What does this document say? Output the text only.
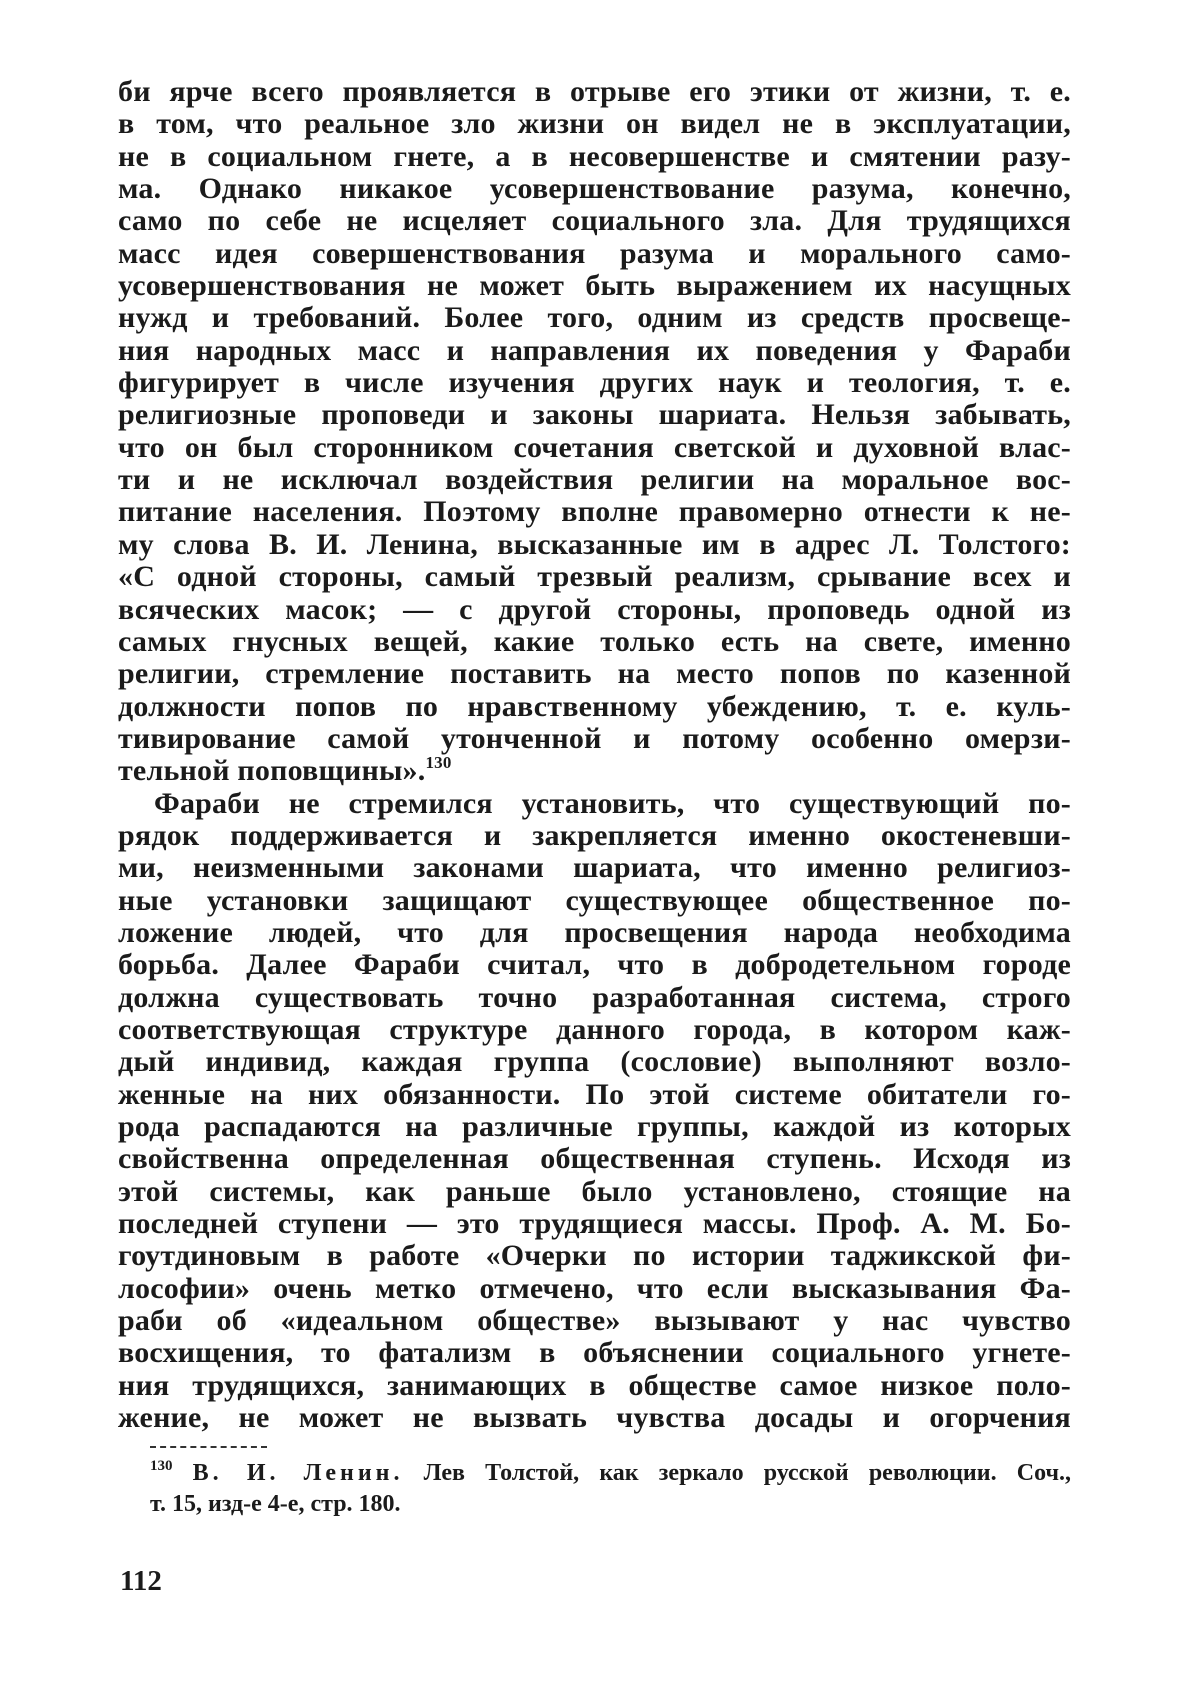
би ярче всего проявляется в отрыве его этики от жизни, т. е.
в том, что реальное зло жизни он видел не в эксплуатации,
не в социальном гнете, а в несовершенстве и смятении разу-
ма. Однако никакое усовершенствование разума, конечно,
само по себе не исцеляет социального зла. Для трудящихся
масс идея совершенствования разума и морального само-
усовершенствования не может быть выражением их насущных
нужд и требований. Более того, одним из средств просвеще-
ния народных масс и направления их поведения у Фараби
фигурирует в числе изучения других наук и теология, т. е.
религиозные проповеди и законы шариата. Нельзя забывать,
что он был сторонником сочетания светской и духовной влас-
ти и не исключал воздействия религии на моральное вос-
питание населения. Поэтому вполне правомерно отнести к не-
му слова В. И. Ленина, высказанные им в адрес Л. Толстого:
«С одной стороны, самый трезвый реализм, срывание всех и
всяческих масок; — с другой стороны, проповедь одной из
самых гнусных вещей, какие только есть на свете, именно
религии, стремление поставить на место попов по казенной
должности попов по нравственному убеждению, т. е. куль-
тивирование самой утонченной и потому особенно омерзи-
тельной поповщины».$^{130}$
Фараби не стремился установить, что существующий по-
рядок поддерживается и закрепляется именно окостеневши-
ми, неизменными законами шариата, что именно религиоз-
ные установки защищают существующее общественное по-
ложение людей, что для просвещения народа необходима
борьба. Далее Фараби считал, что в добродетельном городе
должна существовать точно разработанная система, строго
соответствующая структуре данного города, в котором каж-
дый индивид, каждая группа (сословие) выполняют возло-
женные на них обязанности. По этой системе обитатели го-
рода распадаются на различные группы, каждой из которых
свойственна определенная общественная ступень. Исходя из
этой системы, как раньше было установлено, стоящие на
последней ступени — это трудящиеся массы. Проф. А. М. Бо-
гоутдиновым в работе «Очерки по истории таджикской фи-
лософии» очень метко отмечено, что если высказывания Фа-
раби об «идеальном обществе» вызывают у нас чувство
восхищения, то фатализм в объяснении социального угнете-
ния трудящихся, занимающих в обществе самое низкое поло-
жение, не может не вызвать чувства досады и огорчения
$^{130}$ В. И. Ленин. Лев Толстой, как зеркало русской революции. Соч.,
т. 15, изд-е 4-е, стр. 180.
112
